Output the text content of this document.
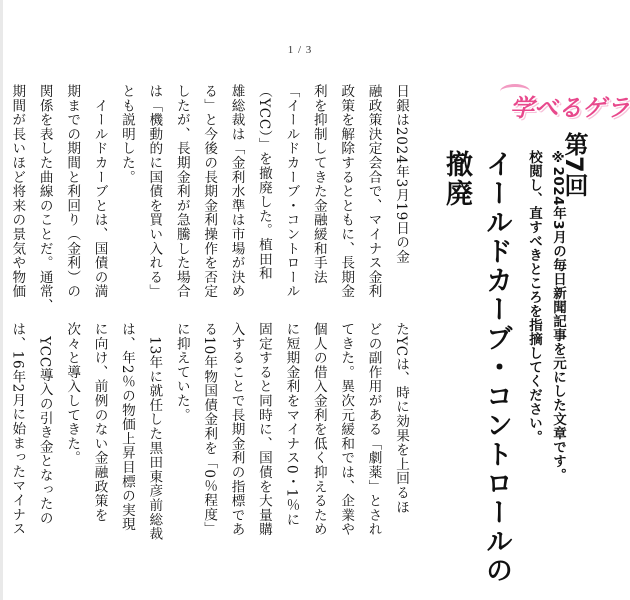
1 / 3
日銀は2024年3月19日の金
融政策決定会合で、マイナス金利
政策を解除するとともに、長期金
利を抑制してきた金融緩和手法
「イールドカーブ・コントロール
（YCC）」を撤廃した。植田和
雄総裁は「金利水準は市場が決め
る」と今後の長期金利操作を否定
したが、長期金利が急騰した場合
は「機動的に国債を買い入れる」
とも説明した。
　イールドカーブとは、国債の満
期までの期間と利回り（金利）の
関係を表した曲線のことだ。通常、
期間が長いほど将来の景気や物価

たYCは、時に効果を上回るほ
どの副作用がある「劇薬」とされ
てきた。異次元緩和では、企業や
個人の借入金利を低く抑えるため
に短期金利をマイナス0・1％に
固定すると同時に、国債を大量購
入することで長期金利の指標であ
る10年物国債金利を「0％程度」
に抑えていた。
　13年に就任した黒田東彦前総裁
は、年2％の物価上昇目標の実現
に向け、前例のない金融政策を
次々と導入してきた。
　YCC導入の引き金となったの
は、16年2月に始まったマイナス	イールドカーブ・コントロールの撤廃	※2024年3月の毎日新聞記事を元にした文章です。
校閲し、直すべきところを指摘してください。 第7回
学べるゲラ
